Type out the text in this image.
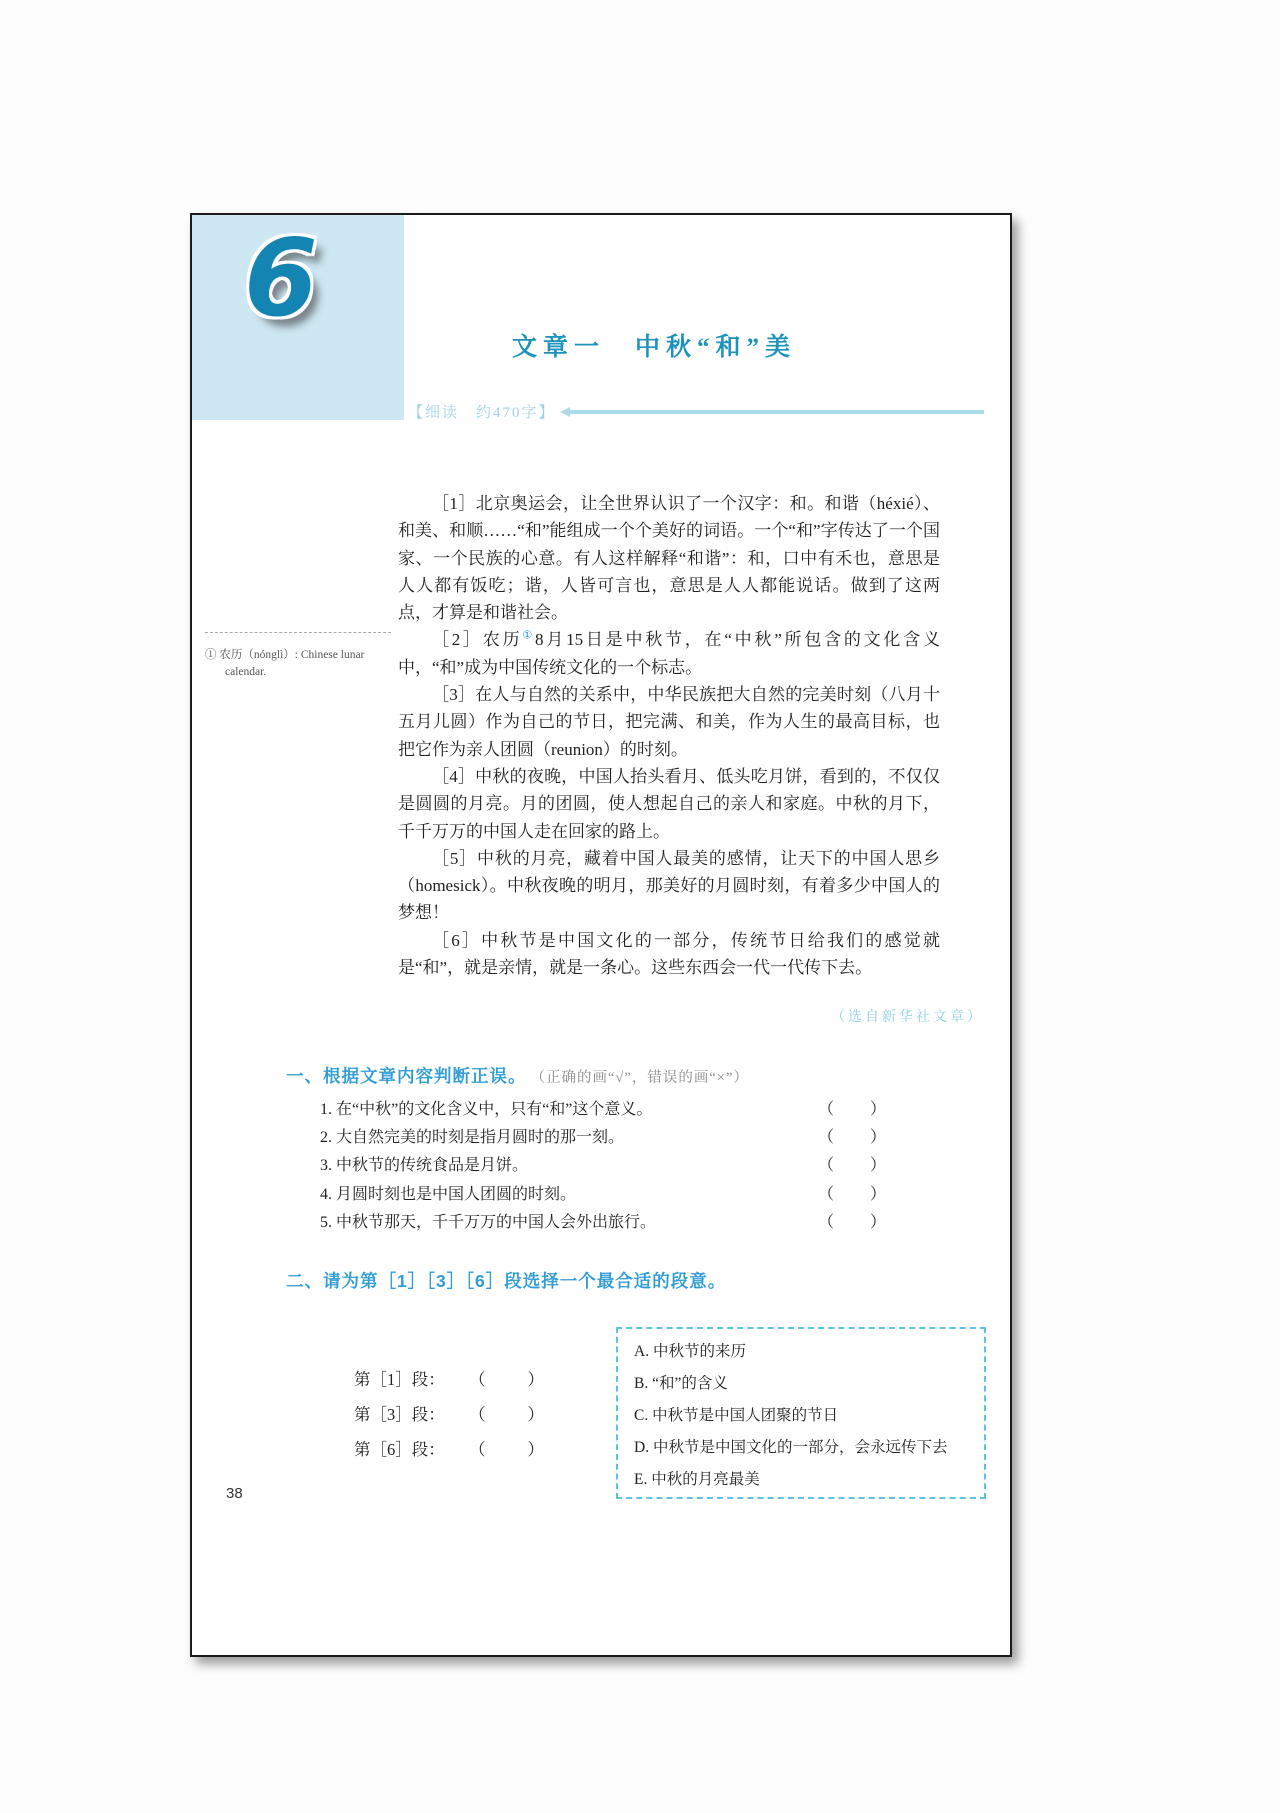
6
文章一 中秋“和”美
【细读　约470字】

［1］北京奥运会，让全世界认识了一个汉字：和。和谐（héxié）、和美、和顺……“和”能组成一个个美好的词语。一个“和”字传达了一个国家、一个民族的心意。有人这样解释“和谐”：和，口中有禾也，意思是人人都有饭吃；谐，人皆可言也，意思是人人都能说话。做到了这两点，才算是和谐社会。

［2］农历①8月15日是中秋节，在“中秋”所包含的文化含义中，“和”成为中国传统文化的一个标志。

［3］在人与自然的关系中，中华民族把大自然的完美时刻（八月十五月儿圆）作为自己的节日，把完满、和美，作为人生的最高目标，也把它作为亲人团圆（reunion）的时刻。

［4］中秋的夜晚，中国人抬头看月、低头吃月饼，看到的，不仅仅是圆圆的月亮。月的团圆，使人想起自己的亲人和家庭。中秋的月下，千千万万的中国人走在回家的路上。

［5］中秋的月亮，藏着中国人最美的感情，让天下的中国人思乡（homesick）。中秋夜晚的明月，那美好的月圆时刻，有着多少中国人的梦想！

［6］中秋节是中国文化的一部分，传统节日给我们的感觉就是“和”，就是亲情，就是一条心。这些东西会一代一代传下去。

① 农历（nónglì）: Chinese lunar calendar.
（选自新华社文章）
一、根据文章内容判断正误。 （正确的画“√”，错误的画“×”）
1. 在“中秋”的文化含义中，只有“和”这个意义。	（ ）
2. 大自然完美的时刻是指月圆时的那一刻。	（ ）
3. 中秋节的传统食品是月饼。	（ ）
4. 月圆时刻也是中国人团圆的时刻。	（ ）
5. 中秋节那天，千千万万的中国人会外出旅行。	（ ）
二、请为第［1］［3］［6］段选择一个最合适的段意。
第［1］段：	（	）
第［3］段：	（	）
第［6］段：	（	）
A. 中秋节的来历
B. “和”的含义
C. 中秋节是中国人团聚的节日
D. 中秋节是中国文化的一部分，会永远传下去
E. 中秋的月亮最美
38
